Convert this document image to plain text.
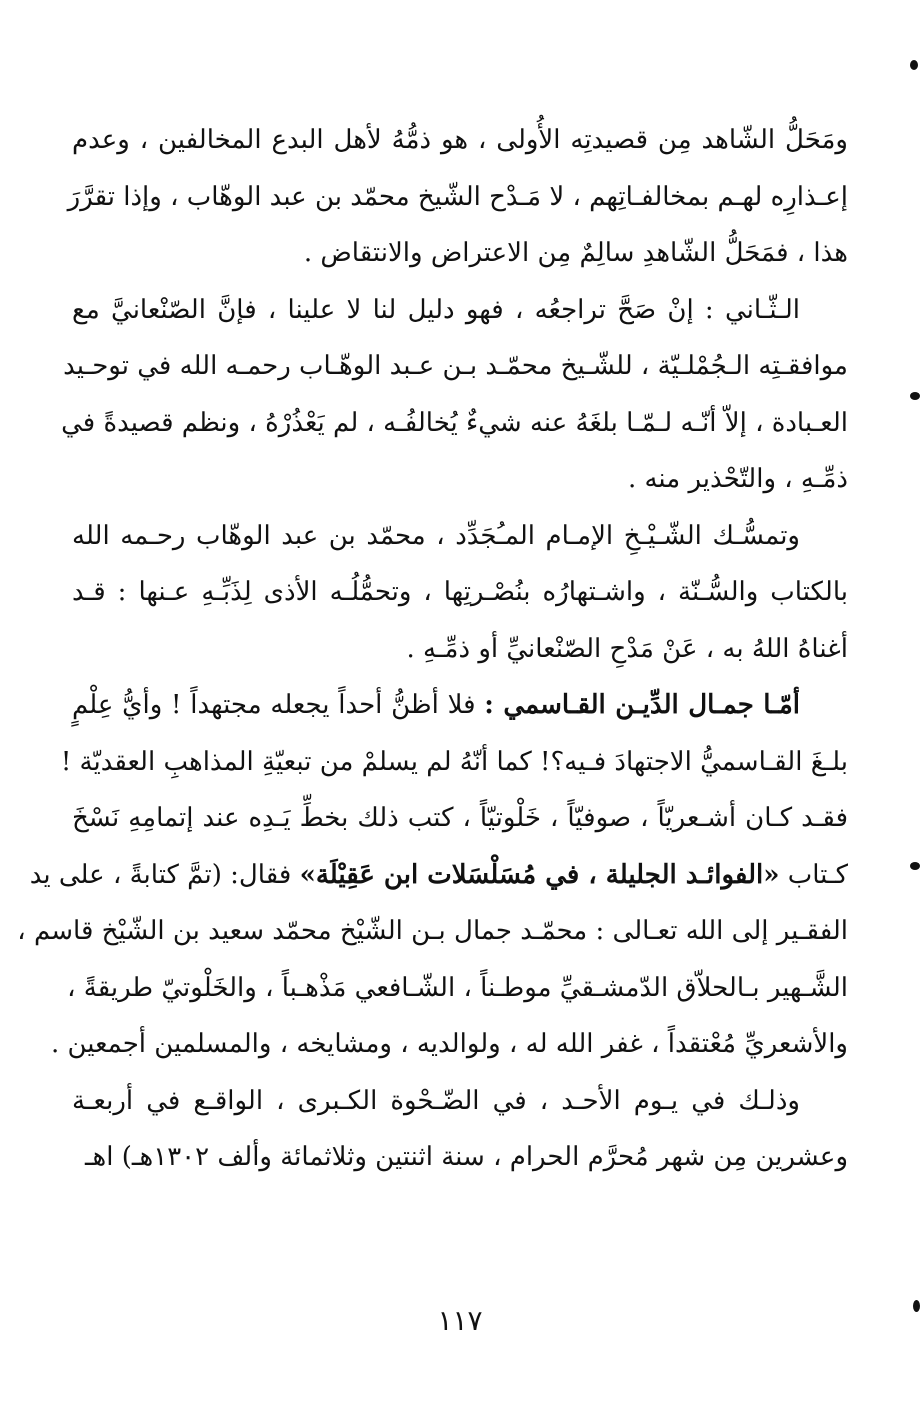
ومَحَلُّ الشّاهد مِن قصيدتِه الأُولى ، هو ذمُّهُ لأهل البدع المخالفين ، وعدم
إعـذارِه لهـم بمخالفـاتِهم ، لا مَـدْح الشّيخ محمّد بن عبد الوهّاب ، وإذا تقرَّرَ
هذا ، فمَحَلُّ الشّاهدِ سالِمٌ مِن الاعتراض والانتقاض .
الـثّـاني : إنْ صَحَّ تراجعُه ، فهو دليل لنا لا علينا ، فإنَّ الصّنْعانيَّ مع
موافقـتِه الـجُمْلـيّة ، للشّـيخ محمّـد بـن عـبد الوهّـاب رحمـه الله في توحـيد
العـبادة ، إلاّ أنّـه لـمّـا بلغَهُ عنه شيءٌ يُخالفُـه ، لم يَعْذُرْهُ ، ونظم قصيدةً في
ذمِّـهِ ، والتّحْذير منه .
وتمسُّـك الشّـيْـخِ الإمـام المـُجَدِّد ، محمّد بن عبد الوهّاب رحـمه الله
بالكتاب والسُّـنّة ، واشـتهارُه بنُصْـرتِها ، وتحمُّلُـه الأذى لِذَبِّـهِ عـنها : قـد
أغناهُ اللهُ به ، عَنْ مَدْحِ الصّنْعانيِّ أو ذمِّـهِ .
أمّـا جمـال الدِّيـن القـاسمي : فلا أظنُّ أحداً يجعله مجتهداً ! وأيُّ عِلْمٍ
بلـغَ القـاسميُّ الاجتهادَ فـيه؟! كما أنّهُ لم يسلمْ من تبعيّةِ المذاهبِ العقديّة !
فقـد كـان أشـعريّاً ، صوفيّاً ، خَلْوتيّاً ، كتب ذلك بخطِّ يَـدِه عند إتمامِهِ نَسْخَ
كـتاب «الفوائـد الجليلة ، في مُسَلْسَلات ابن عَقِيْلَة» فقال: (تمَّ كتابةً ، على يد
الفقـير إلى الله تعـالى : محمّـد جمال بـن الشّيْخ محمّد سعيد بن الشّيْخ قاسم ،
الشَّـهير بـالحلاّق الدّمشـقيِّ موطـناً ، الشّـافعي مَذْهـباً ، والخَلْوتيّ طريقةً ،
والأشعريِّ مُعْتقداً ، غفر الله له ، ولوالديه ، ومشايخه ، والمسلمين أجمعين .
وذلـك في يـوم الأحـد ، في الضّـحْوة الكـبرى ، الواقـع في أربعـة
وعشرين مِن شهر مُحرَّم الحرام ، سنة اثنتين وثلاثمائة وألف ١٣٠٢هـ) اهـ
١١٧
